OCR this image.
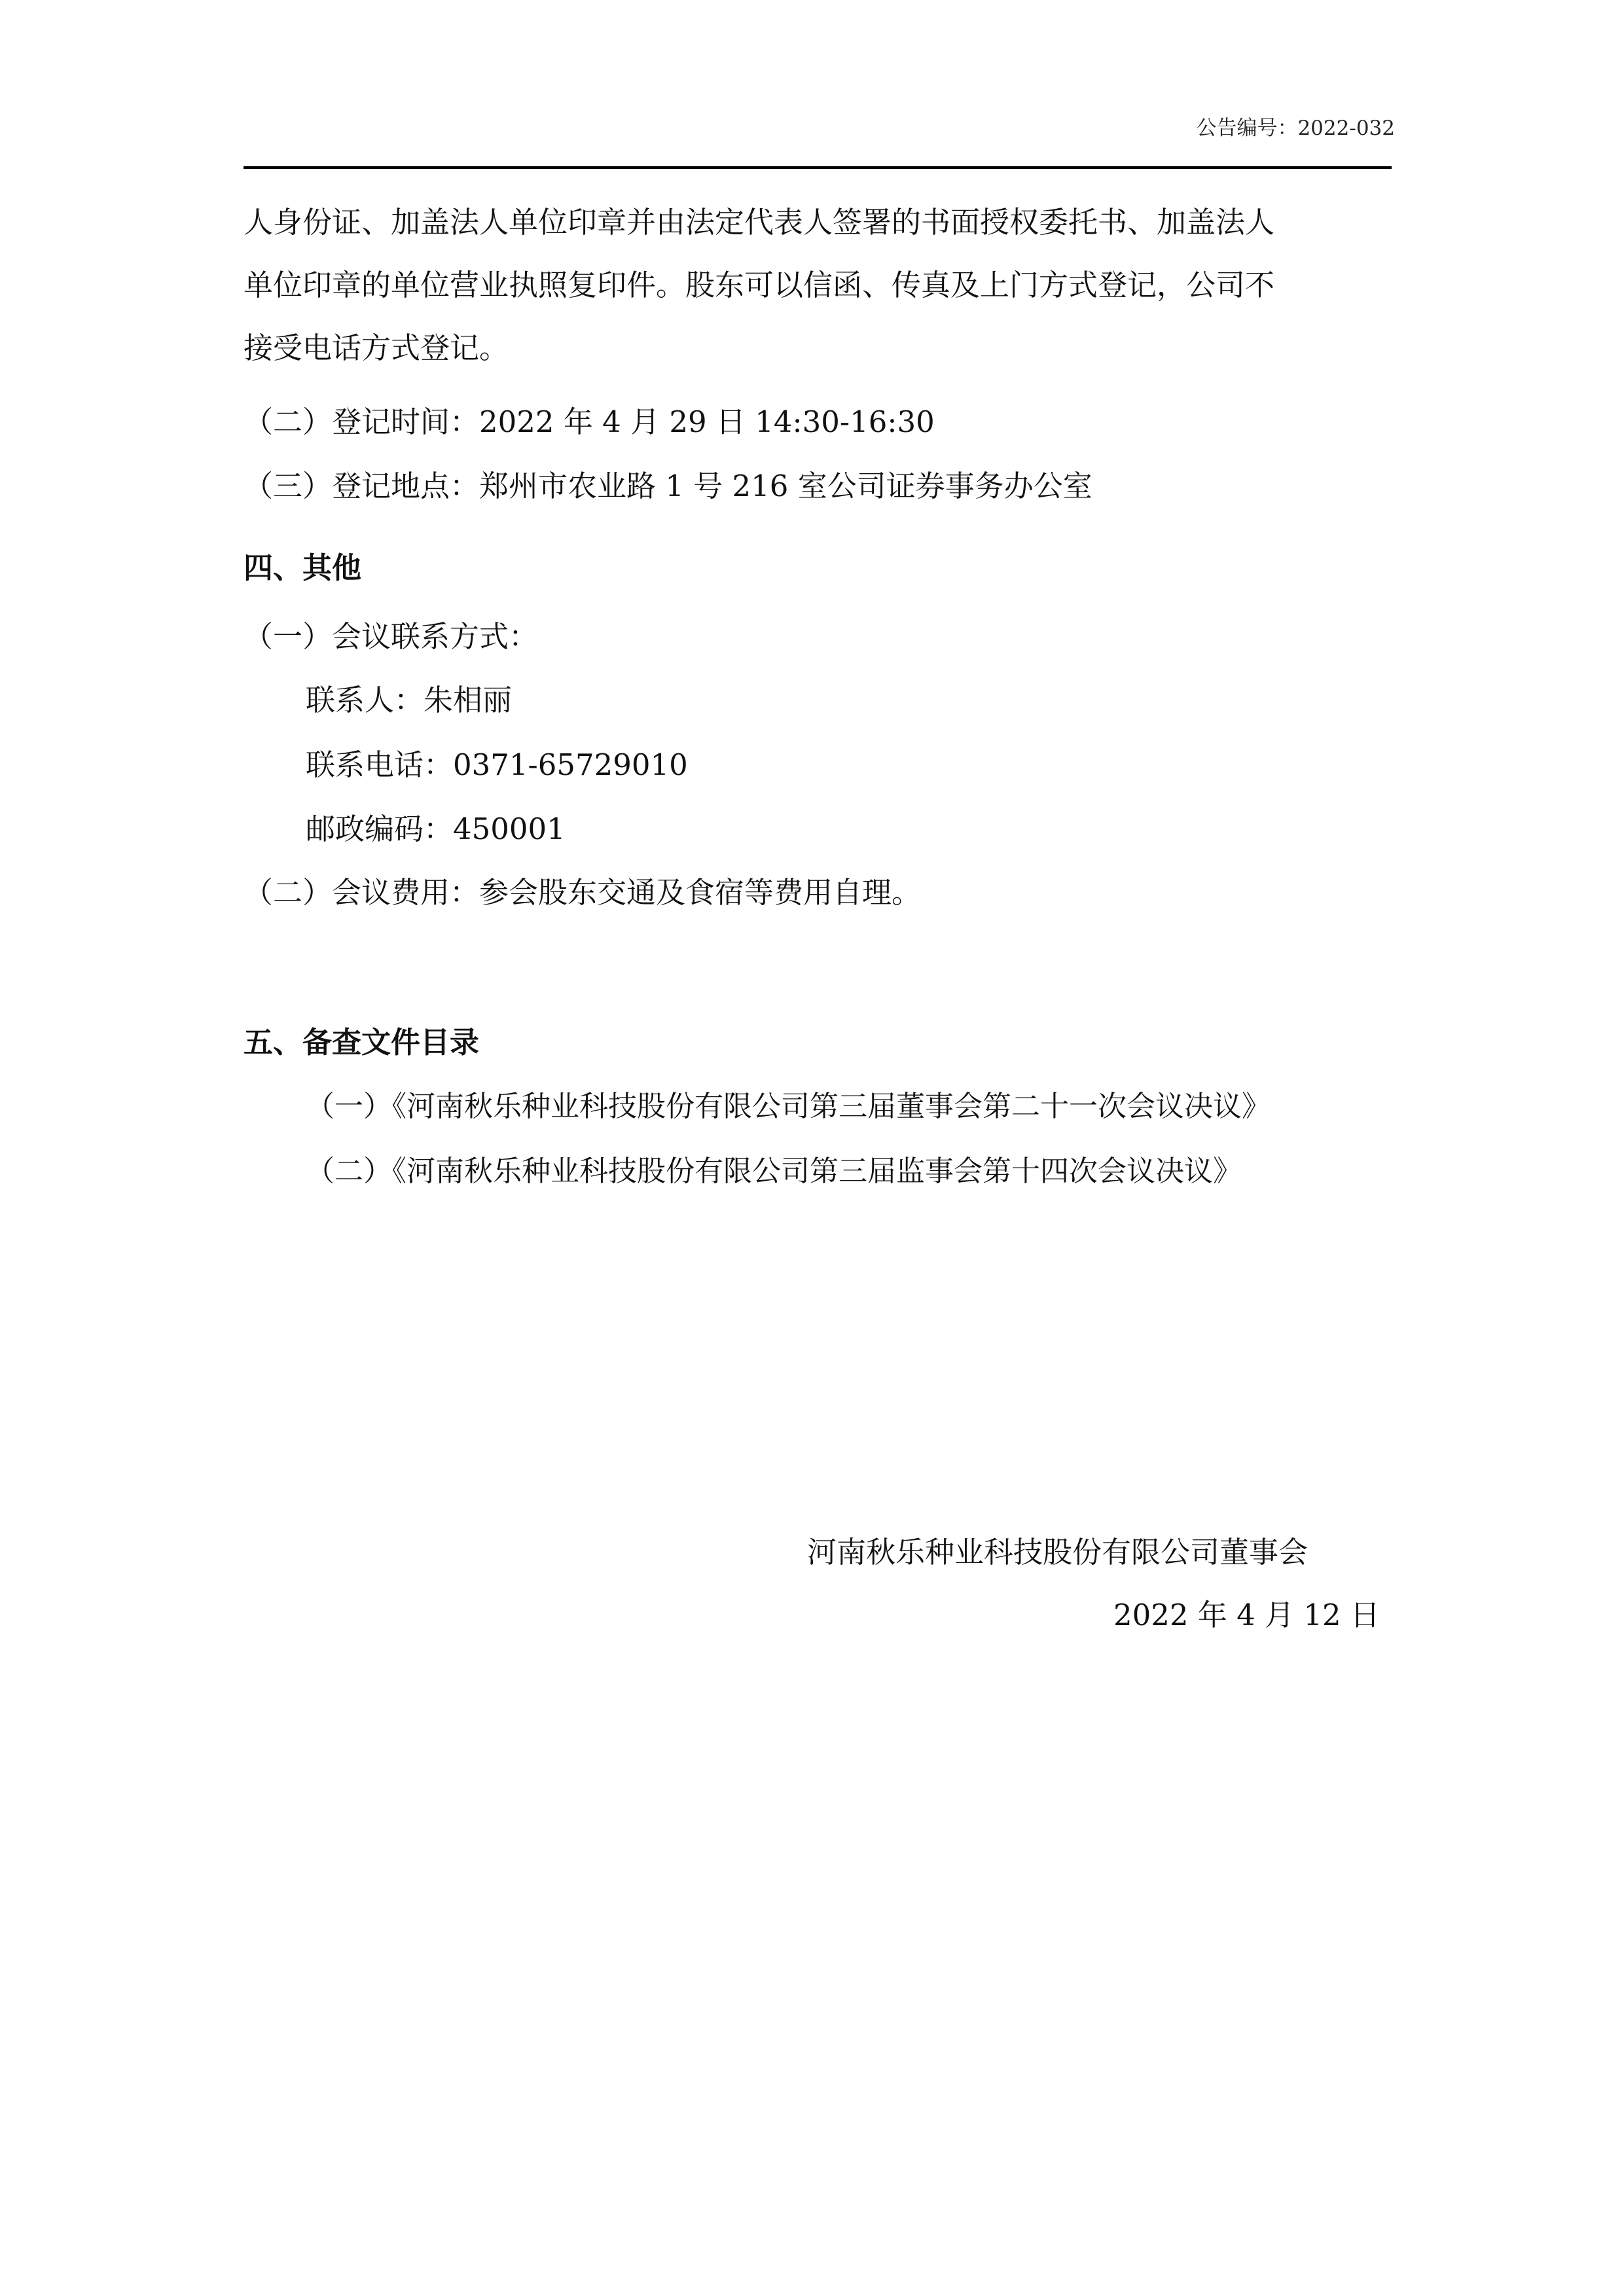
公告编号：2022-032
人身份证、加盖法人单位印章并由法定代表人签署的书面授权委托书、加盖法人
单位印章的单位营业执照复印件。股东可以信函、传真及上门方式登记，公司不
接受电话方式登记。
（二）登记时间：2022 年 4 月 29 日 14:30-16:30
（三）登记地点：郑州市农业路 1 号 216 室公司证券事务办公室
四、其他
（一）会议联系方式：
联系人：朱相丽
联系电话：0371-65729010
邮政编码：450001
（二）会议费用：参会股东交通及食宿等费用自理。
五、备查文件目录
（一）《河南秋乐种业科技股份有限公司第三届董事会第二十一次会议决议》
（二）《河南秋乐种业科技股份有限公司第三届监事会第十四次会议决议》
河南秋乐种业科技股份有限公司董事会
2022 年 4 月 12 日
